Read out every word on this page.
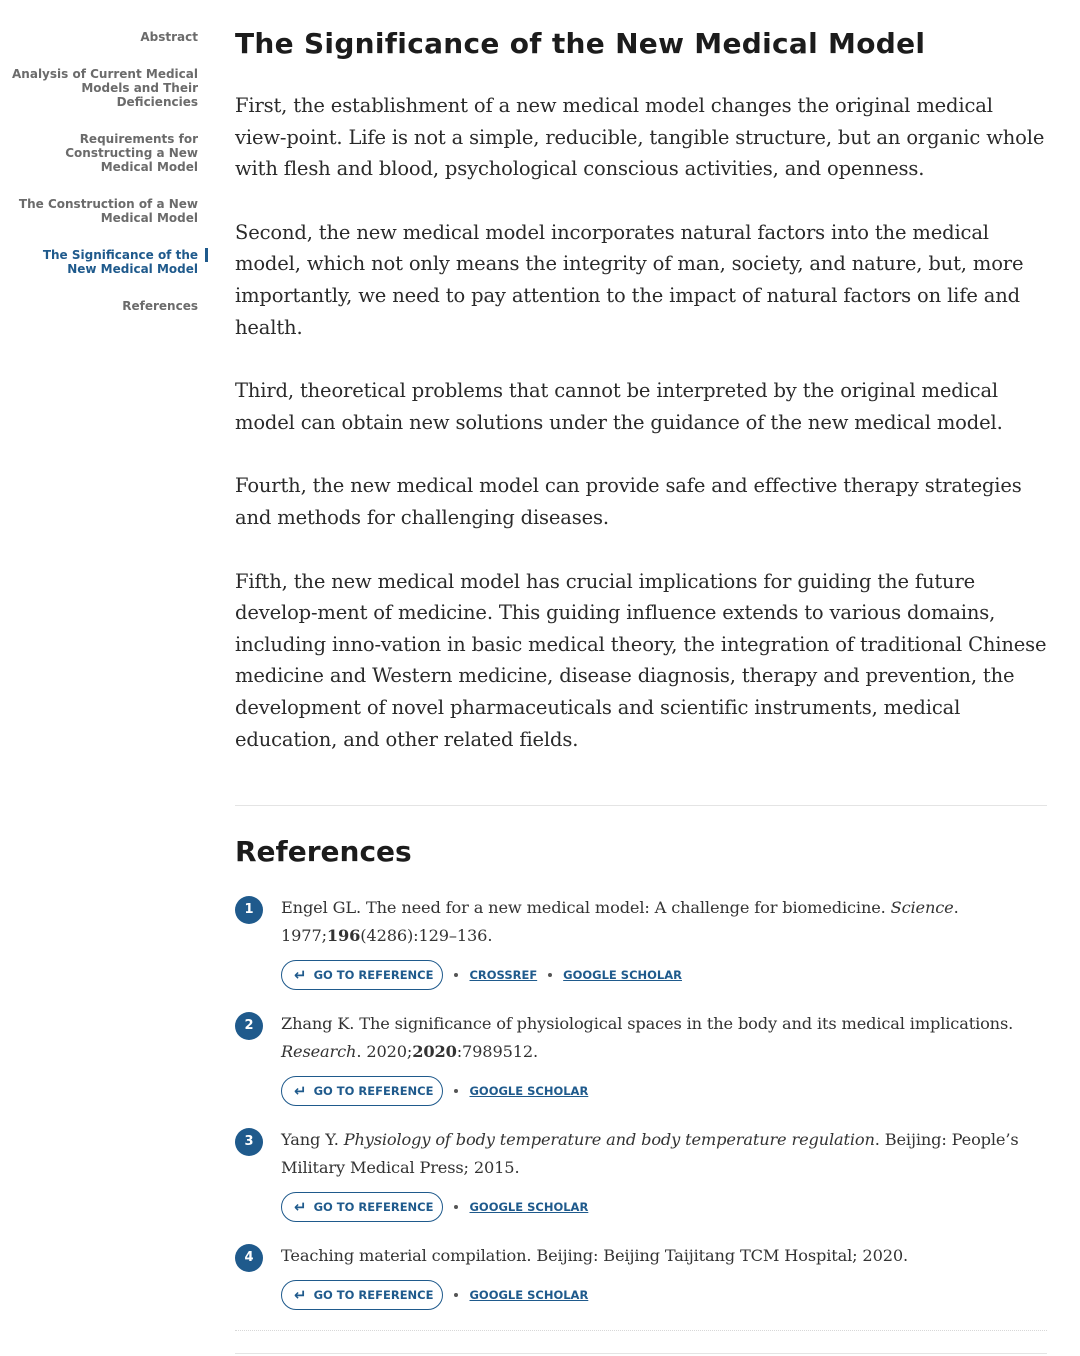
Abstract
Analysis of Current Medical Models and Their Deficiencies
Requirements for Constructing a New Medical Model
The Construction of a New Medical Model
The Significance of the New Medical Model
References
The Significance of the New Medical Model

First, the establishment of a new medical model changes the original medical view-point. Life is not a simple, reducible, tangible structure, but an organic whole with flesh and blood, psychological conscious activities, and openness.

Second, the new medical model incorporates natural factors into the medical model, which not only means the integrity of man, society, and nature, but, more importantly, we need to pay attention to the impact of natural factors on life and health.

Third, theoretical problems that cannot be interpreted by the original medical model can obtain new solutions under the guidance of the new medical model.

Fourth, the new medical model can provide safe and effective therapy strategies and methods for challenging diseases.

Fifth, the new medical model has crucial implications for guiding the future develop-ment of medicine. This guiding influence extends to various domains, including inno-vation in basic medical theory, the integration of traditional Chinese medicine and Western medicine, disease diagnosis, therapy and prevention, the development of novel pharmaceuticals and scientific instruments, medical education, and other related fields.

References
1	Engel GL. The need for a new medical model: A challenge for biomedicine. Science. 1977;196(4286):129–136.
↵ GO TO REFERENCE	CROSSREF GOOGLE SCHOLAR
2	Zhang K. The significance of physiological spaces in the body and its medical implications. Research. 2020;2020:7989512.
↵ GO TO REFERENCE	GOOGLE SCHOLAR
3	Yang Y. Physiology of body temperature and body temperature regulation. Beijing: People’s Military Medical Press; 2015.
↵ GO TO REFERENCE	GOOGLE SCHOLAR
4	Teaching material compilation. Beijing: Beijing Taijitang TCM Hospital; 2020.
↵ GO TO REFERENCE	GOOGLE SCHOLAR
